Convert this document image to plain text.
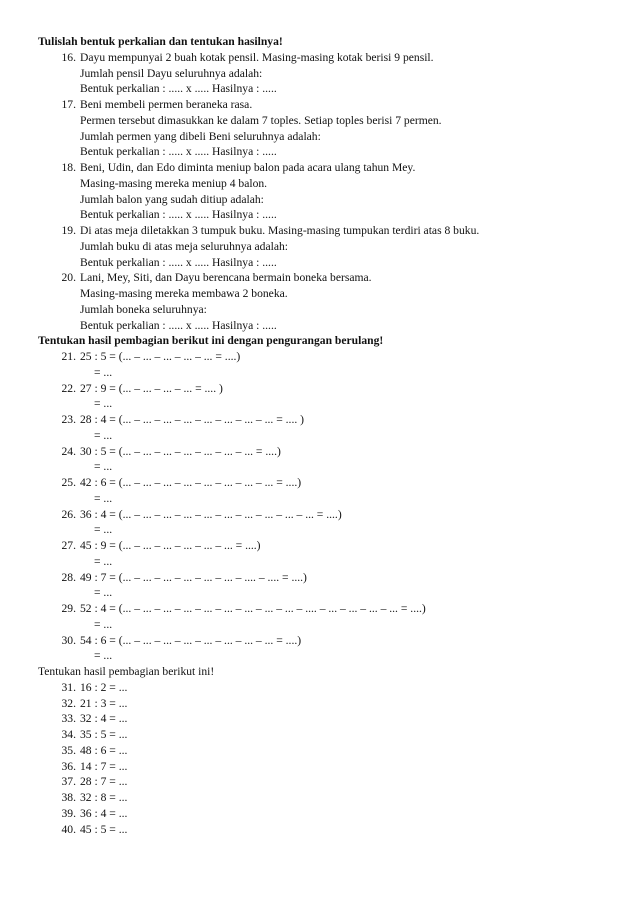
Tulislah bentuk perkalian dan tentukan hasilnya!
16. Dayu mempunyai 2 buah kotak pensil. Masing-masing kotak berisi 9 pensil.
Jumlah pensil Dayu seluruhnya adalah:
Bentuk perkalian : ..... x ..... Hasilnya : .....
17. Beni membeli permen beraneka rasa.
Permen tersebut dimasukkan ke dalam 7 toples. Setiap toples berisi 7 permen.
Jumlah permen yang dibeli Beni seluruhnya adalah:
Bentuk perkalian : ..... x ..... Hasilnya : .....
18. Beni, Udin, dan Edo diminta meniup balon pada acara ulang tahun Mey.
Masing-masing mereka meniup 4 balon.
Jumlah balon yang sudah ditiup adalah:
Bentuk perkalian : ..... x ..... Hasilnya : .....
19. Di atas meja diletakkan 3 tumpuk buku. Masing-masing tumpukan terdiri atas 8 buku.
Jumlah buku di atas meja seluruhnya adalah:
Bentuk perkalian : ..... x ..... Hasilnya : .....
20. Lani, Mey, Siti, dan Dayu berencana bermain boneka bersama.
Masing-masing mereka membawa 2 boneka.
Jumlah boneka seluruhnya:
Bentuk perkalian : ..... x ..... Hasilnya : .....
Tentukan hasil pembagian berikut ini dengan pengurangan berulang!
21. 25 : 5 = (... – ... – ... – ... – ... = ....)
= ...
22. 27 : 9 = (... – ... – ... – ... = .... )
= ...
23. 28 : 4 = (... – ... – ... – ... – ... – ... – ... – ... = .... )
= ...
24. 30 : 5 = (... – ... – ... – ... – ... – ... – ... = ....)
= ...
25. 42 : 6 = (... – ... – ... – ... – ... – ... – ... – ... = ....)
= ...
26. 36 : 4 = (... – ... – ... – ... – ... – ... – ... – ... – ... – ... = ....)
= ...
27. 45 : 9 = (... – ... – ... – ... – ... – ... = ....)
= ...
28. 49 : 7 = (... – ... – ... – ... – ... – ... – .... – .... = ....)
= ...
29. 52 : 4 = (... – ... – ... – ... – ... – ... – ... – ... – ... – .... – ... – ... – ... – ... = ....)
= ...
30. 54 : 6 = (... – ... – ... – ... – ... – ... – ... – ... = ....)
= ...
Tentukan hasil pembagian berikut ini!
31. 16 : 2 = ...
32. 21 : 3 = ...
33. 32 : 4 = ...
34. 35 : 5 = ...
35. 48 : 6 = ...
36. 14 : 7 = ...
37. 28 : 7 = ...
38. 32 : 8 = ...
39. 36 : 4 = ...
40. 45 : 5 = ...
